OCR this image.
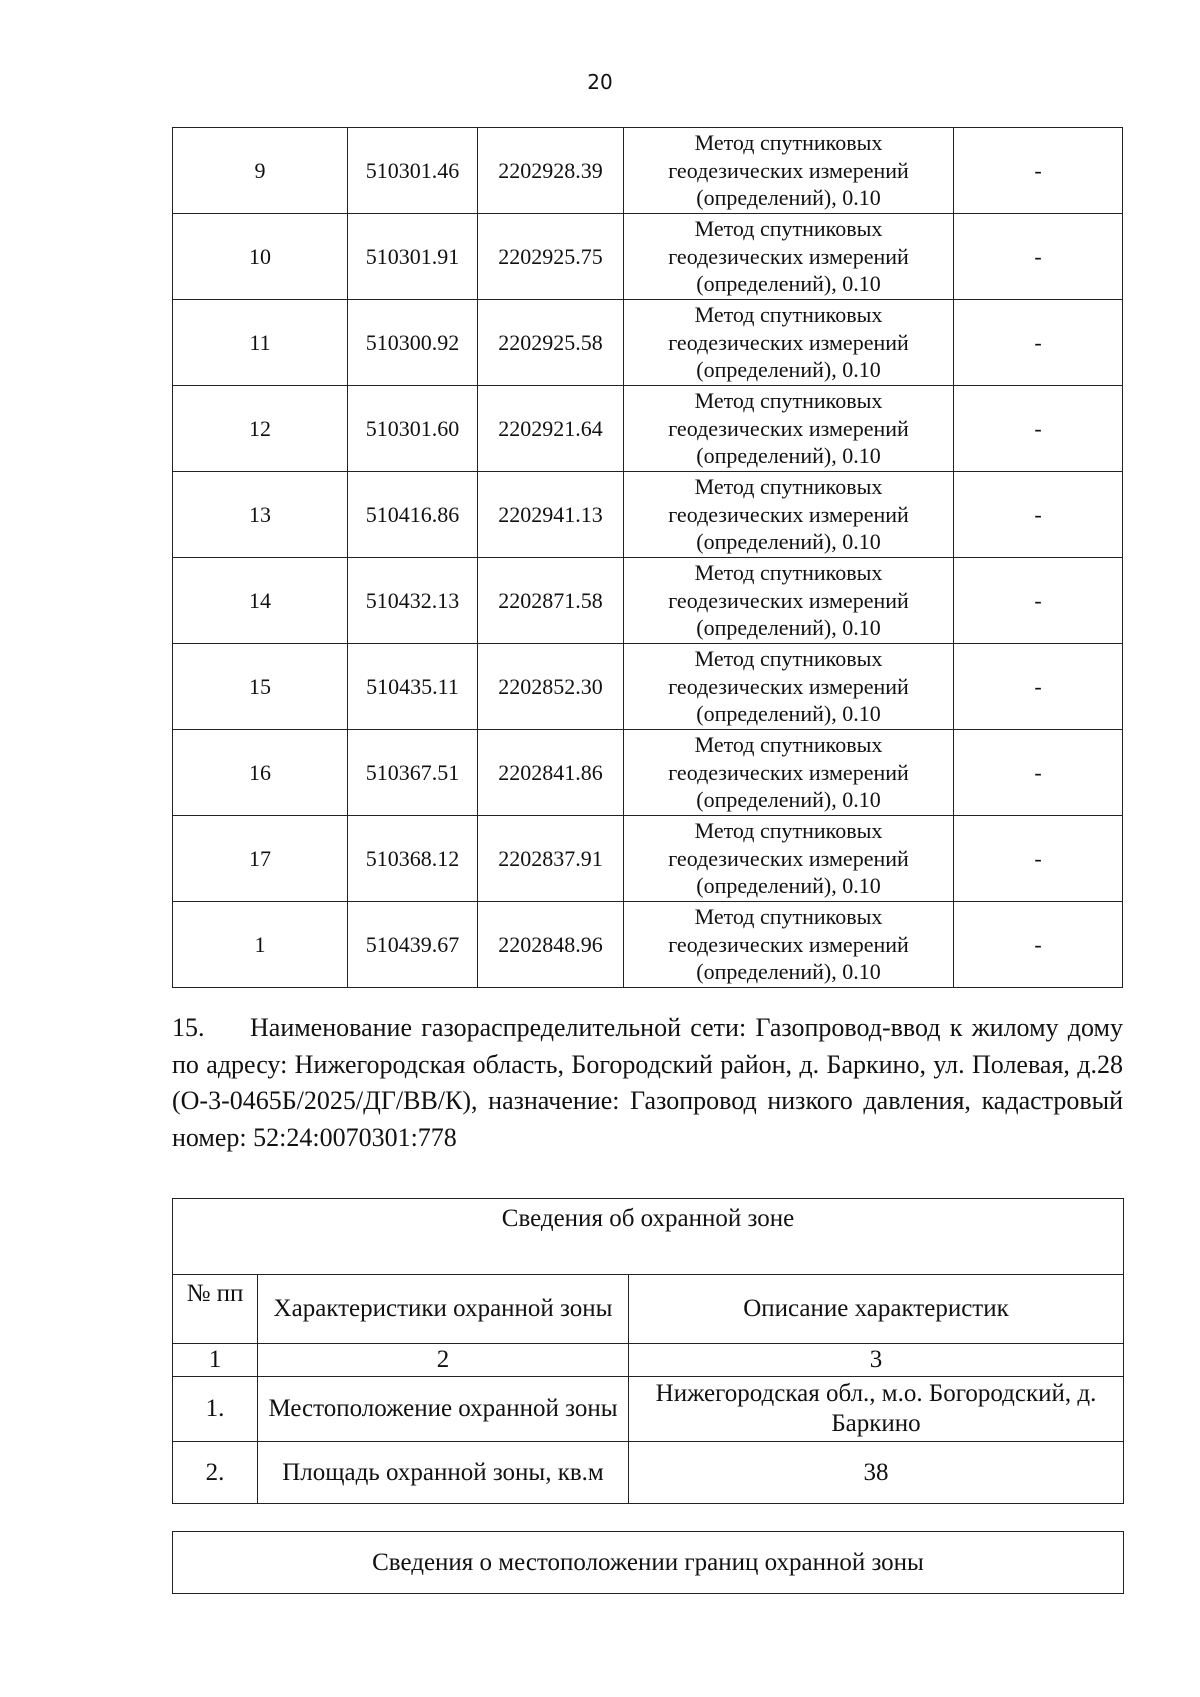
20
9	510301.46	2202928.39	Метод спутниковых
геодезических измерений
(определений), 0.10	-
10	510301.91	2202925.75	Метод спутниковых
геодезических измерений
(определений), 0.10	-
11	510300.92	2202925.58	Метод спутниковых
геодезических измерений
(определений), 0.10	-
12	510301.60	2202921.64	Метод спутниковых
геодезических измерений
(определений), 0.10	-
13	510416.86	2202941.13	Метод спутниковых
геодезических измерений
(определений), 0.10	-
14	510432.13	2202871.58	Метод спутниковых
геодезических измерений
(определений), 0.10	-
15	510435.11	2202852.30	Метод спутниковых
геодезических измерений
(определений), 0.10	-
16	510367.51	2202841.86	Метод спутниковых
геодезических измерений
(определений), 0.10	-
17	510368.12	2202837.91	Метод спутниковых
геодезических измерений
(определений), 0.10	-
1	510439.67	2202848.96	Метод спутниковых
геодезических измерений
(определений), 0.10	-

15. Наименование газораспределительной сети: Газопровод-ввод к жилому дому по адресу: Нижегородская область, Богородский район, д. Баркино, ул. Полевая, д.28 (О-3-0465Б/2025/ДГ/ВВ/К), назначение: Газопровод низкого давления, кадастровый номер: 52:24:0070301:778

Сведения об охранной зоне		
№ пп	Характеристики охранной зоны	Описание характеристик
1	2	3
1.	Местоположение охранной зоны	Нижегородская обл., м.о. Богородский, д. Баркино
2.	Площадь охранной зоны, кв.м	38
Сведения о местоположении границ охранной зоны
